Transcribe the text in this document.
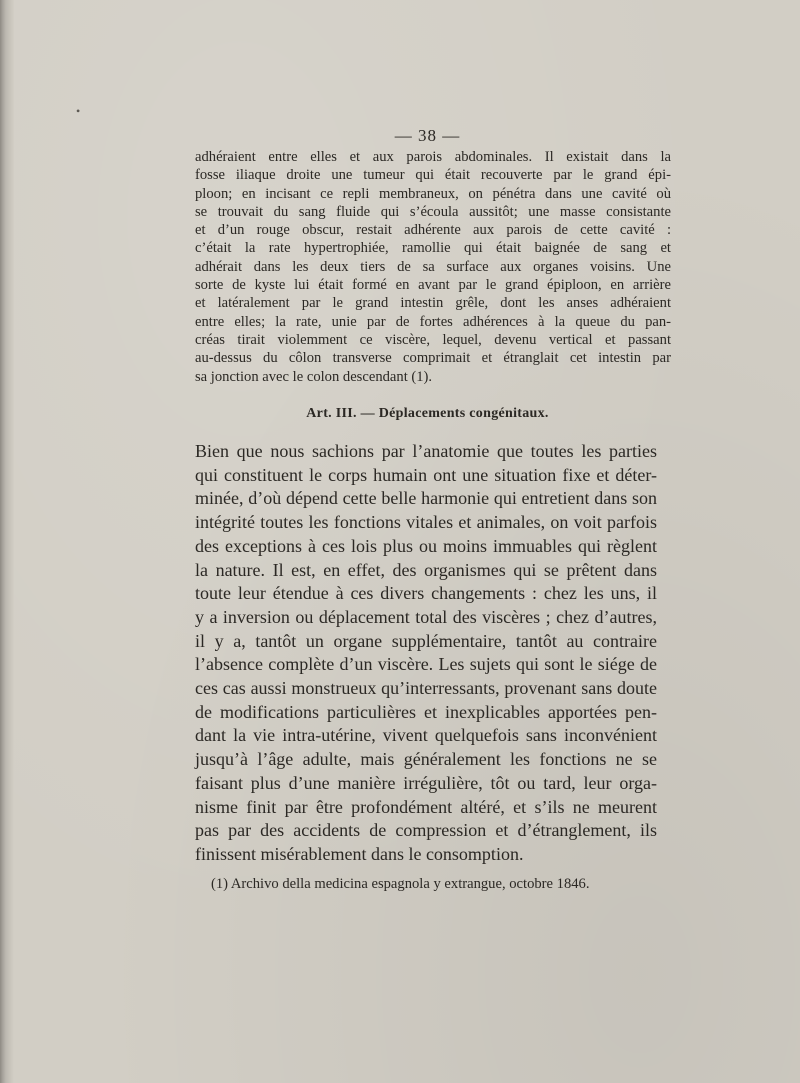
•
— 38 —

adhéraient entre elles et aux parois abdominales. Il existait dans la
fosse iliaque droite une tumeur qui était recouverte par le grand épi-
ploon; en incisant ce repli membraneux, on pénétra dans une cavité où
se trouvait du sang fluide qui s’écoula aussitôt; une masse consistante
et d’un rouge obscur, restait adhérente aux parois de cette cavité :
c’était la rate hypertrophiée, ramollie qui était baignée de sang et
adhérait dans les deux tiers de sa surface aux organes voisins. Une
sorte de kyste lui était formé en avant par le grand épiploon, en arrière
et latéralement par le grand intestin grêle, dont les anses adhéraient
entre elles; la rate, unie par de fortes adhérences à la queue du pan-
créas tirait violemment ce viscère, lequel, devenu vertical et passant
au-dessus du côlon transverse comprimait et étranglait cet intestin par
sa jonction avec le colon descendant (1).

Art. III. — Déplacements congénitaux.

Bien que nous sachions par l’anatomie que toutes les parties
qui constituent le corps humain ont une situation fixe et déter-
minée, d’où dépend cette belle harmonie qui entretient dans son
intégrité toutes les fonctions vitales et animales, on voit parfois
des exceptions à ces lois plus ou moins immuables qui règlent
la nature. Il est, en effet, des organismes qui se prêtent dans
toute leur étendue à ces divers changements : chez les uns, il
y a inversion ou déplacement total des viscères ; chez d’autres,
il y a, tantôt un organe supplémentaire, tantôt au contraire
l’absence complète d’un viscère. Les sujets qui sont le siége de
ces cas aussi monstrueux qu’interressants, provenant sans doute
de modifications particulières et inexplicables apportées pen-
dant la vie intra-utérine, vivent quelquefois sans inconvénient
jusqu’à l’âge adulte, mais généralement les fonctions ne se
faisant plus d’une manière irrégulière, tôt ou tard, leur orga-
nisme finit par être profondément altéré, et s’ils ne meurent
pas par des accidents de compression et d’étranglement, ils
finissent misérablement dans le consomption.

(1) Archivo della medicina espagnola y extrangue, octobre 1846.
